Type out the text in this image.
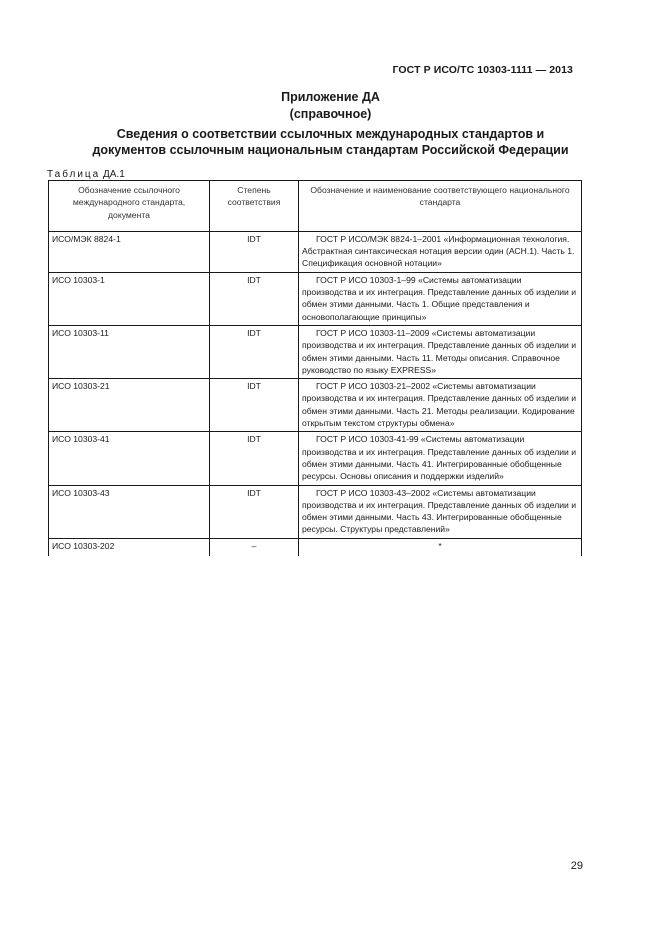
ГОСТ Р ИСО/ТС 10303-1111 — 2013
Приложение ДА
(справочное)
Сведения о соответствии ссылочных международных стандартов и
документов ссылочным национальным стандартам Российской Федерации
Таблица ДА.1
Обозначение ссылочного международного стандарта, документа	Степень соответствия	Обозначение и наименование соответствующего национального стандарта
ИСО/МЭК 8824-1	IDT	ГОСТ Р ИСО/МЭК 8824-1–2001 «Информационная технология. Абстрактная синтаксическая нотация версии один (АСН.1). Часть 1. Спецификация основной нотации»
ИСО 10303-1	IDT	ГОСТ Р ИСО 10303-1–99 «Системы автоматизации производства и их интеграция. Представление данных об изделии и обмен этими данными. Часть 1. Общие представления и основополагающие принципы»
ИСО 10303-11	IDT	ГОСТ Р ИСО 10303-11–2009 «Системы автоматизации производства и их интеграция. Представление данных об изделии и обмен этими данными. Часть 11. Методы описания. Справочное руководство по языку EXPRESS»
ИСО 10303-21	IDT	ГОСТ Р ИСО 10303-21–2002 «Системы автоматизации производства и их интеграция. Представление данных об изделии и обмен этими данными. Часть 21. Методы реализации. Кодирование открытым текстом структуры обмена»
ИСО 10303-41	IDT	ГОСТ Р ИСО 10303-41-99 «Системы автоматизации производства и их интеграция. Представление данных об изделии и обмен этими данными. Часть 41. Интегрированные обобщенные ресурсы. Основы описания и поддержки изделий»
ИСО 10303-43	IDT	ГОСТ Р ИСО 10303-43–2002 «Системы автоматизации производства и их интеграция. Представление данных об изделии и обмен этими данными. Часть 43. Интегрированные обобщенные ресурсы. Структуры представлений»
ИСО 10303-202	–	*
29
